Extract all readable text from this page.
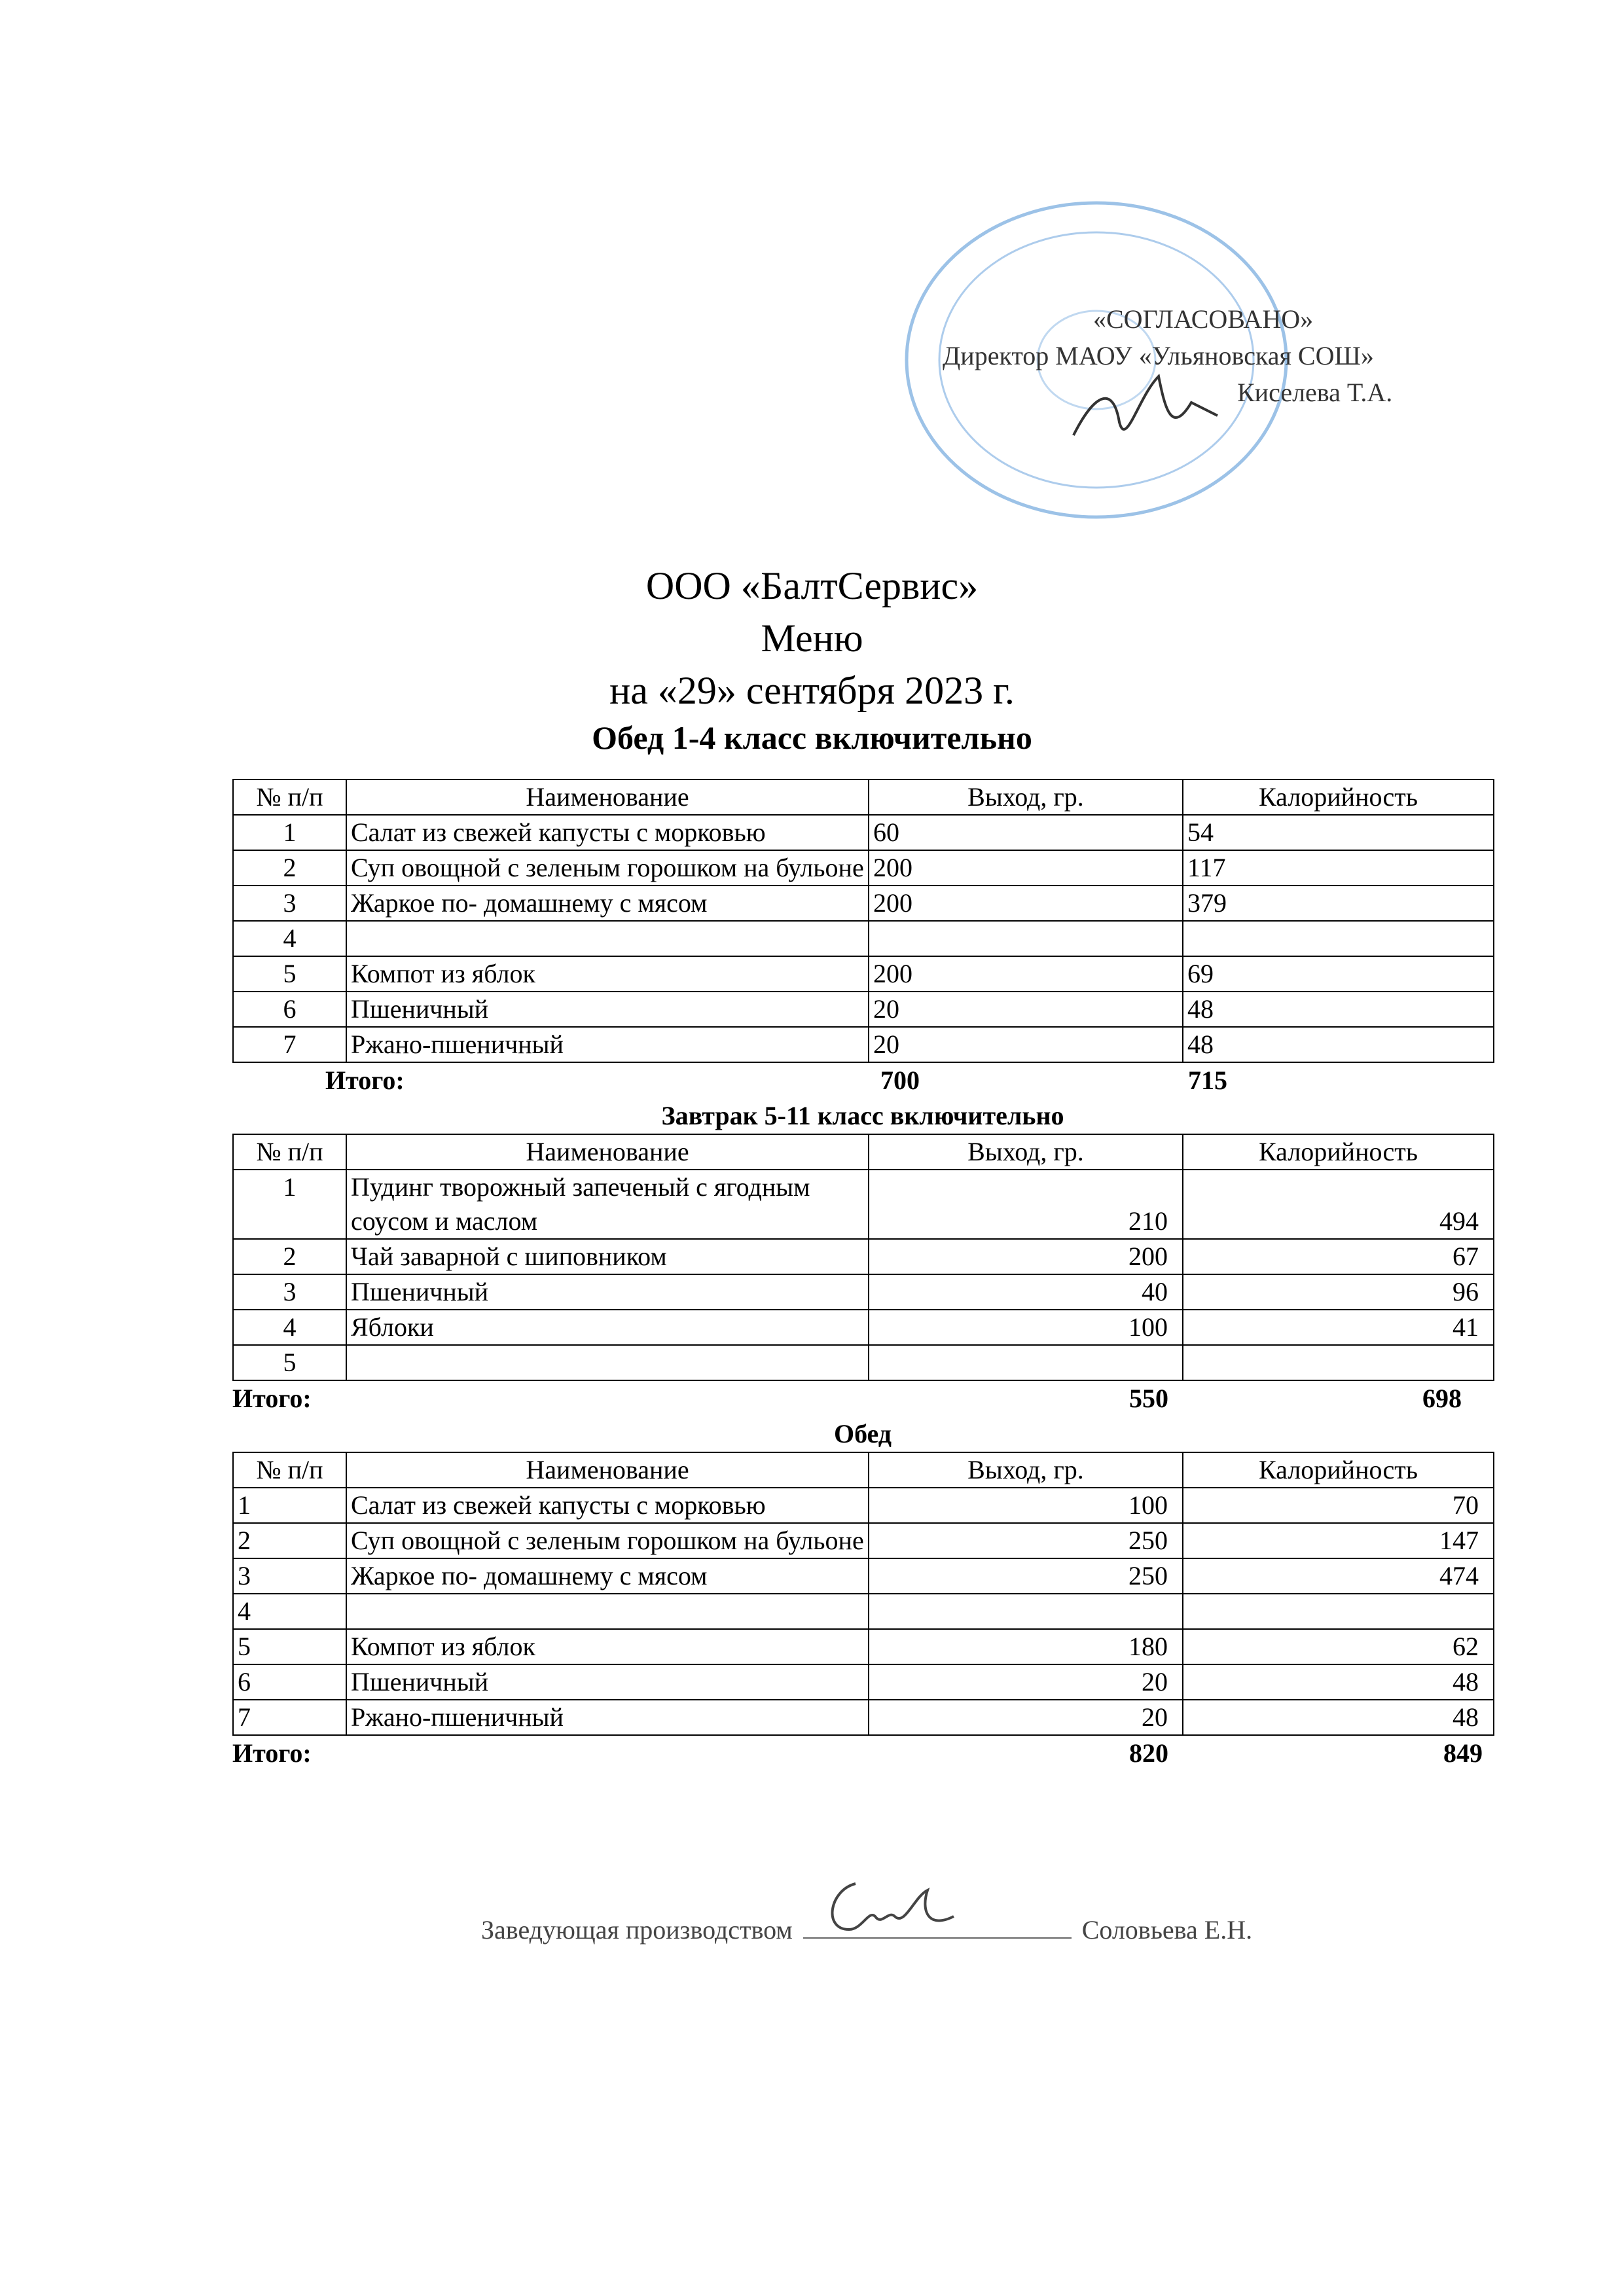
«СОГЛАСОВАНО»
Директор МАОУ «Ульяновская СОШ»
Киселева Т.А.
ООО «БалтСервис»
Меню
на «29» сентября 2023 г.
Обед 1-4 класс включительно
№ п/п	Наименование	Выход, гр.	Калорийность
1	Салат из свежей капусты с морковью	60	54
2	Суп овощной с зеленым горошком на бульоне	200	117
3	Жаркое по- домашнему с мясом	200	379
4			
5	Компот из яблок	200	69
6	Пшеничный	20	48
7	Ржано-пшеничный	20	48
Итого:	700	715
Завтрак 5-11 класс включительно
№ п/п	Наименование	Выход, гр.	Калорийность
1	Пудинг творожный запеченый с ягодным соусом и маслом	210	494
2	Чай заварной с шиповником	200	67
3	Пшеничный	40	96
4	Яблоки	100	41
5			
Итого:	550	698
Обед
№ п/п	Наименование	Выход, гр.	Калорийность
1	Салат из свежей капусты с морковью	100	70
2	Суп овощной с зеленым горошком на бульоне	250	147
3	Жаркое по- домашнему с мясом	250	474
4			
5	Компот из яблок	180	62
6	Пшеничный	20	48
7	Ржано-пшеничный	20	48
Итого:	820	849
Заведующая производством	Соловьева Е.Н.
